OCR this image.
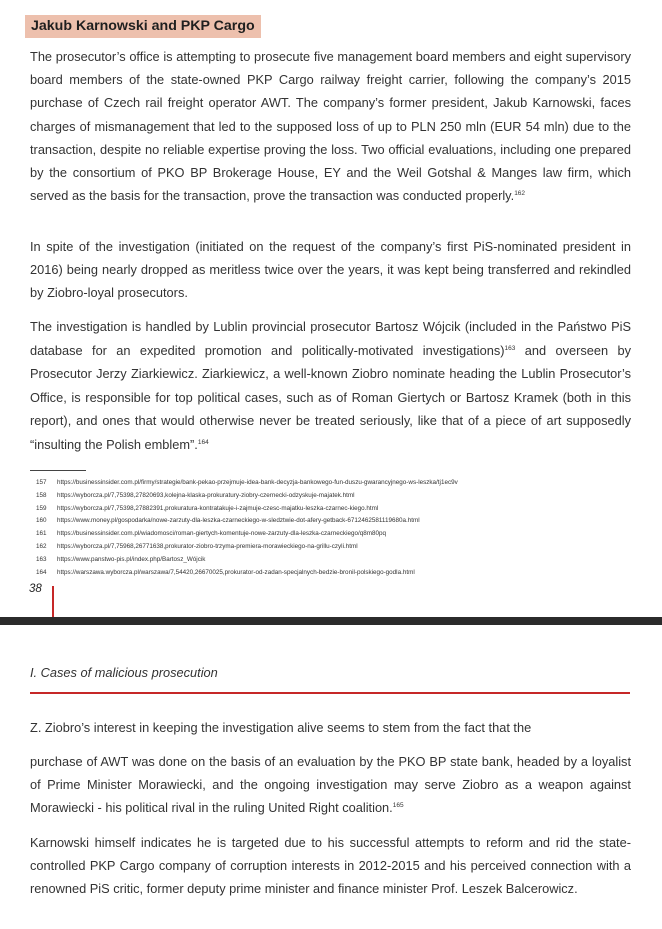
Jakub Karnowski and PKP Cargo

The prosecutor’s office is attempting to prosecute five management board members and eight supervisory board members of the state-owned PKP Cargo railway freight carrier, following the company’s 2015 purchase of Czech rail freight operator AWT. The company’s former president, Jakub Karnowski, faces charges of mismanagement that led to the supposed loss of up to PLN 250 mln (EUR 54 mln) due to the transaction, despite no reliable expertise proving the loss. Two official evaluations, including one prepared by the consortium of PKO BP Brokerage House, EY and the Weil Gotshal & Manges law firm, which served as the basis for the transaction, prove the transaction was conducted properly.$^{162}$

In spite of the investigation (initiated on the request of the company’s first PiS-nominated president in 2016) being nearly dropped as meritless twice over the years, it was kept being transferred and rekindled by Ziobro-loyal prosecutors.

The investigation is handled by Lublin provincial prosecutor Bartosz Wójcik (included in the Państwo PiS database for an expedited promotion and politically-motivated investigations)$^{163}$ and overseen by Prosecutor Jerzy Ziarkiewicz. Ziarkiewicz, a well-known Ziobro nominate heading the Lublin Prosecutor’s Office, is responsible for top political cases, such as of Roman Giertych or Bartosz Kramek (both in this report), and ones that would otherwise never be treated seriously, like that of a piece of art supposedly “insulting the Polish emblem”.$^{164}$

157 https://businessinsider.com.pl/firmy/strategie/bank-pekao-przejmuje-idea-bank-decyzja-bankowego-fun-duszu-gwarancyjnego-ws-leszka/tj1ec9v
158 https://wyborcza.pl/7,75398,27820693,kolejna-klaska-prokuratury-ziobry-czernecki-odzyskuje-majatek.html
159 https://wyborcza.pl/7,75398,27882391,prokuratura-kontratakuje-i-zajmuje-czesc-majatku-leszka-czarnec-kiego.html
160 https://www.money.pl/gospodarka/nowe-zarzuty-dla-leszka-czarneckiego-w-sledztwie-dot-afery-getback-6712462581119680a.html
161 https://businessinsider.com.pl/wiadomosci/roman-giertych-komentuje-nowe-zarzuty-dla-leszka-czarneckiego/q8m80pq
162 https://wyborcza.pl/7,75968,26771638,prokurator-ziobro-trzyma-premiera-morawieckiego-na-grillu-czyli.html
163 https://www.panstwo-pis.pl/index.php/Bartosz_Wójcik
164 https://warszawa.wyborcza.pl/warszawa/7,54420,26670025,prokurator-od-zadan-specjalnych-bedzie-bronil-polskiego-godla.html
38
I. Cases of malicious prosecution

Z. Ziobro’s interest in keeping the investigation alive seems to stem from the fact that the

purchase of AWT was done on the basis of an evaluation by the PKO BP state bank, headed by a loyalist of Prime Minister Morawiecki, and the ongoing investigation may serve Ziobro as a weapon against Morawiecki - his political rival in the ruling United Right coalition.$^{165}$

Karnowski himself indicates he is targeted due to his successful attempts to reform and rid the state-controlled PKP Cargo company of corruption interests in 2012-2015 and his perceived connection with a renowned PiS critic, former deputy prime minister and finance minister Prof. Leszek Balcerowicz.
